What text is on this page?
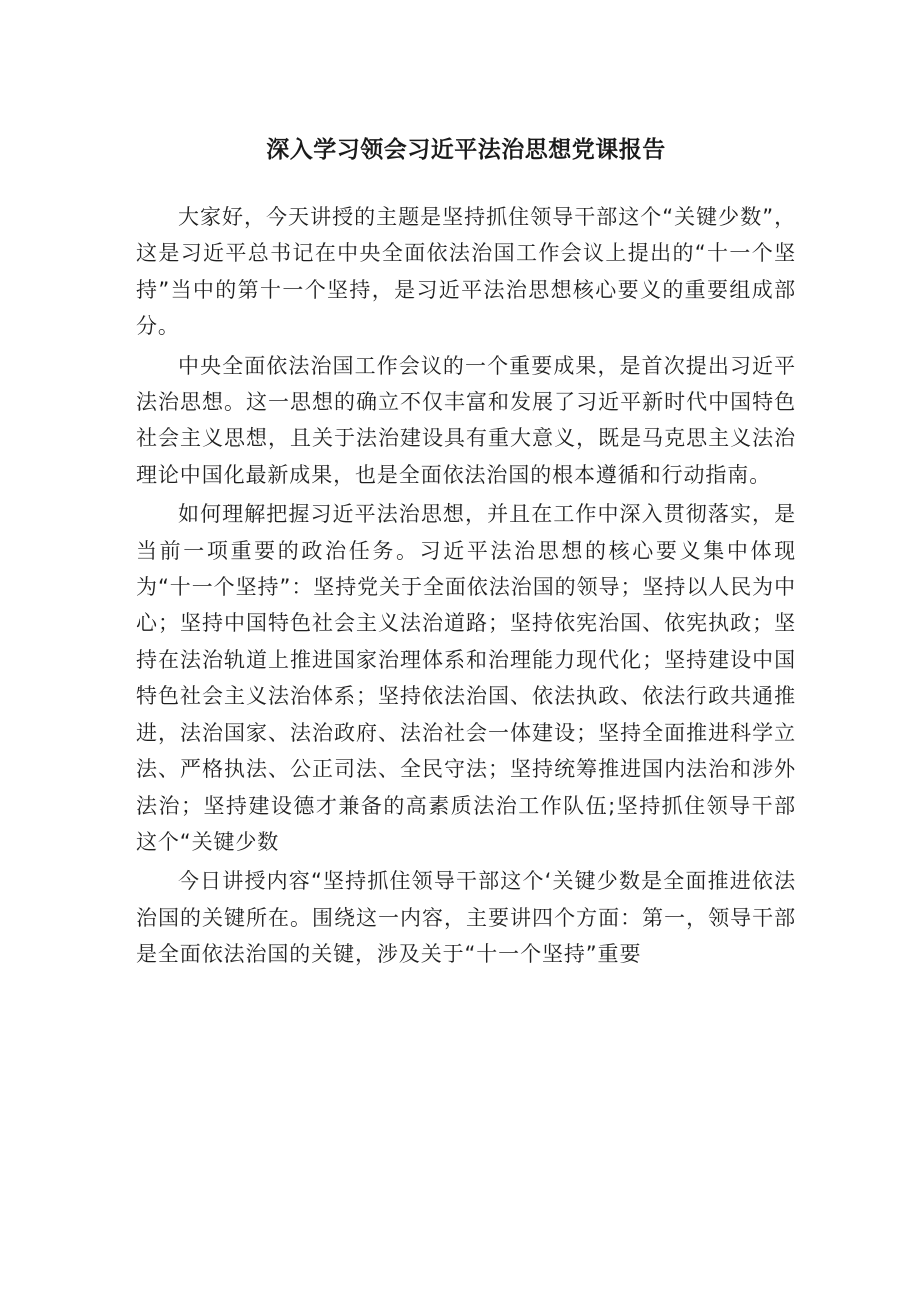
深入学习领会习近平法治思想党课报告

大家好，今天讲授的主题是坚持抓住领导干部这个“关键少数”，这是习近平总书记在中央全面依法治国工作会议上提出的“十一个坚持”当中的第十一个坚持，是习近平法治思想核心要义的重要组成部分。

中央全面依法治国工作会议的一个重要成果，是首次提出习近平法治思想。这一思想的确立不仅丰富和发展了习近平新时代中国特色社会主义思想，且关于法治建设具有重大意义，既是马克思主义法治理论中国化最新成果，也是全面依法治国的根本遵循和行动指南。

如何理解把握习近平法治思想，并且在工作中深入贯彻落实，是当前一项重要的政治任务。习近平法治思想的核心要义集中体现为“十一个坚持”：坚持党关于全面依法治国的领导；坚持以人民为中心；坚持中国特色社会主义法治道路；坚持依宪治国、依宪执政；坚持在法治轨道上推进国家治理体系和治理能力现代化；坚持建设中国特色社会主义法治体系；坚持依法治国、依法执政、依法行政共通推进，法治国家、法治政府、法治社会一体建设；坚持全面推进科学立法、严格执法、公正司法、全民守法；坚持统筹推进国内法治和涉外法治；坚持建设德才兼备的高素质法治工作队伍;坚持抓住领导干部这个“关键少数

今日讲授内容“坚持抓住领导干部这个‘关键少数是全面推进依法治国的关键所在。围绕这一内容，主要讲四个方面：第一，领导干部是全面依法治国的关键，涉及关于“十一个坚持”重要
